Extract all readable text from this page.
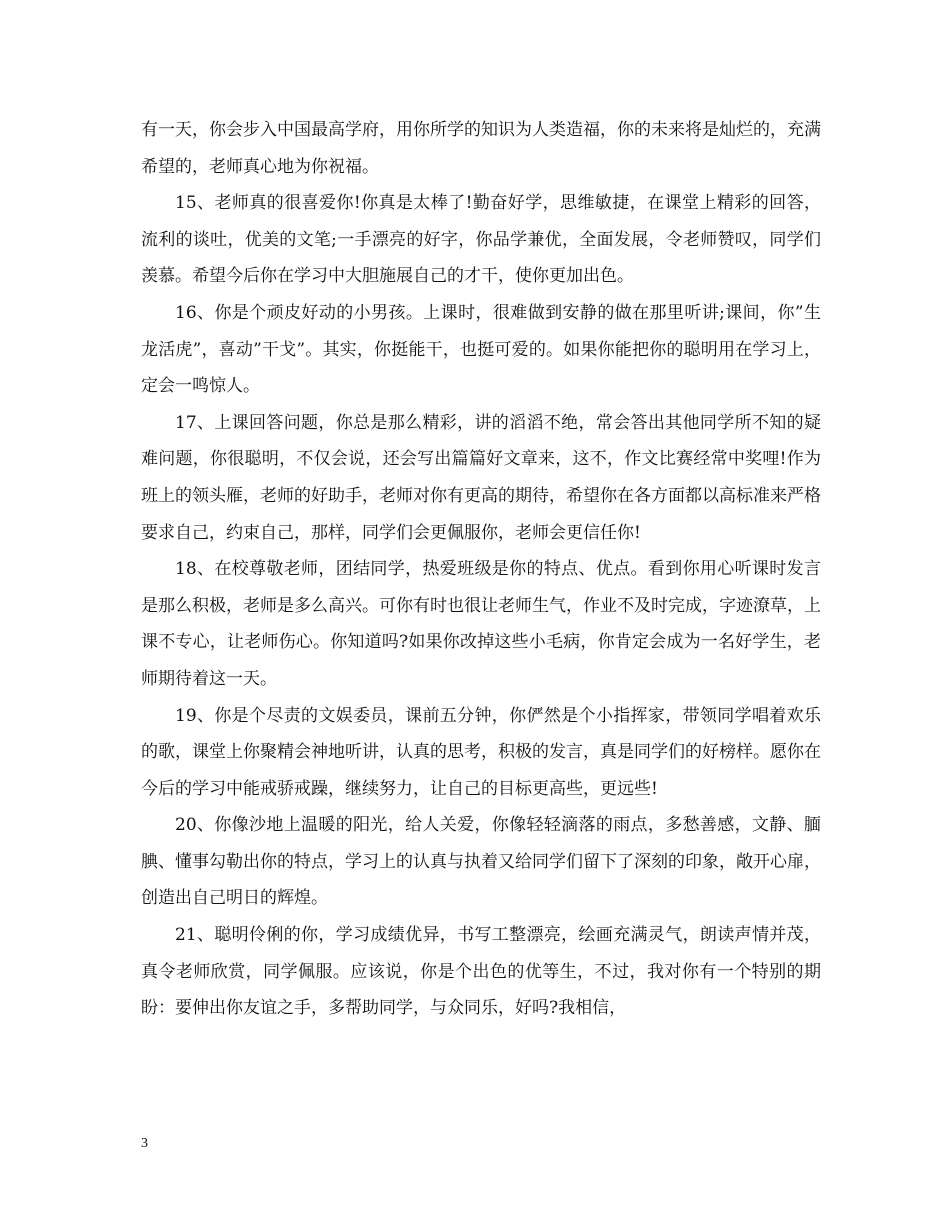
有一天，你会步入中国最高学府，用你所学的知识为人类造福，你的未来将是灿烂的，充满希望的，老师真心地为你祝福。

15、老师真的很喜爱你!你真是太棒了!勤奋好学，思维敏捷，在课堂上精彩的回答，流利的谈吐，优美的文笔;一手漂亮的好字，你品学兼优，全面发展，令老师赞叹，同学们羡慕。希望今后你在学习中大胆施展自己的才干，使你更加出色。

16、你是个顽皮好动的小男孩。上课时，很难做到安静的做在那里听讲;课间，你”生龙活虎”，喜动”干戈”。其实，你挺能干，也挺可爱的。如果你能把你的聪明用在学习上，定会一鸣惊人。

17、上课回答问题，你总是那么精彩，讲的滔滔不绝，常会答出其他同学所不知的疑难问题，你很聪明，不仅会说，还会写出篇篇好文章来，这不，作文比赛经常中奖哩!作为班上的领头雁，老师的好助手，老师对你有更高的期待，希望你在各方面都以高标准来严格要求自己，约束自己，那样，同学们会更佩服你，老师会更信任你!

18、在校尊敬老师，团结同学，热爱班级是你的特点、优点。看到你用心听课时发言是那么积极，老师是多么高兴。可你有时也很让老师生气，作业不及时完成，字迹潦草，上课不专心，让老师伤心。你知道吗?如果你改掉这些小毛病，你肯定会成为一名好学生，老师期待着这一天。

19、你是个尽责的文娱委员，课前五分钟，你俨然是个小指挥家，带领同学唱着欢乐的歌，课堂上你聚精会神地听讲，认真的思考，积极的发言，真是同学们的好榜样。愿你在今后的学习中能戒骄戒躁，继续努力，让自己的目标更高些，更远些!

20、你像沙地上温暖的阳光，给人关爱，你像轻轻滴落的雨点，多愁善感，文静、腼腆、懂事勾勒出你的特点，学习上的认真与执着又给同学们留下了深刻的印象，敞开心扉，创造出自己明日的辉煌。

21、聪明伶俐的你，学习成绩优异，书写工整漂亮，绘画充满灵气，朗读声情并茂，真令老师欣赏，同学佩服。应该说，你是个出色的优等生，不过，我对你有一个特别的期盼：要伸出你友谊之手，多帮助同学，与众同乐，好吗?我相信，

3
